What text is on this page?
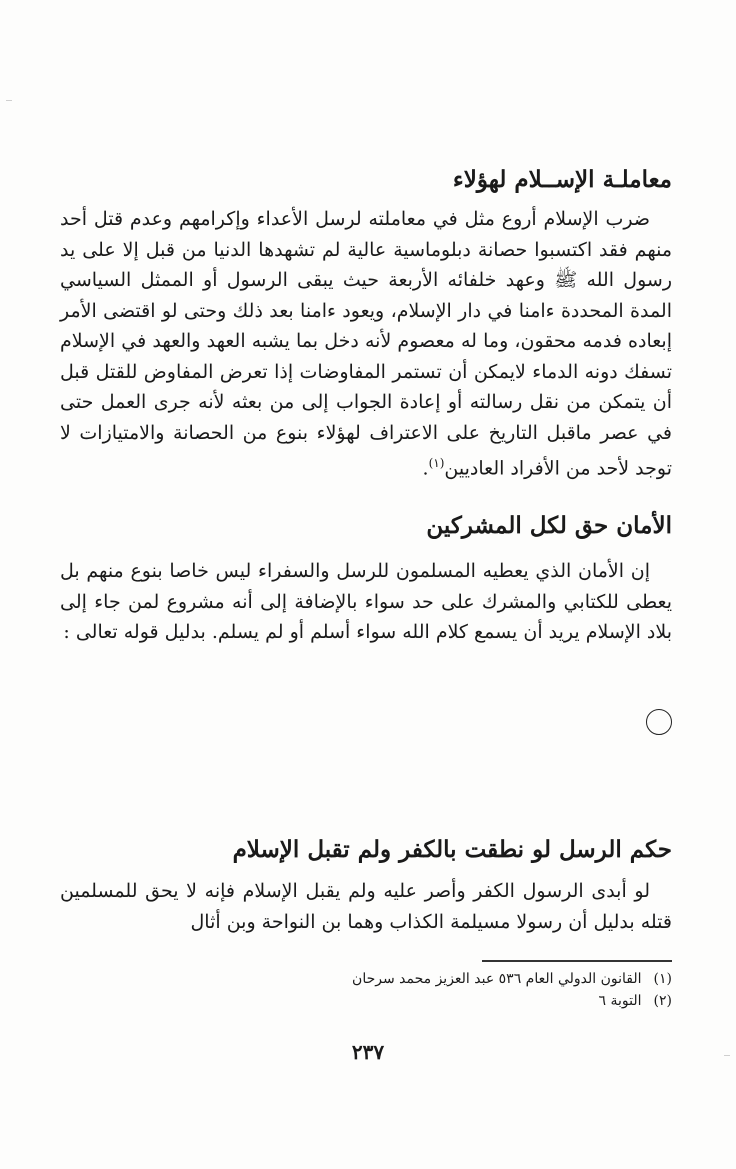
معاملـة الإســلام لهؤلاء

ضرب الإسلام أروع مثل في معاملته لرسل الأعداء وإكرامهم وعدم قتل أحد منهم فقد اكتسبوا حصانة دبلوماسية عالية لم تشهدها الدنيا من قبل إلا على يد رسول الله ﷺ وعهد خلفائه الأربعة حيث يبقى الرسول أو الممثل السياسي المدة المحددة ءامنا في دار الإسلام، ويعود ءامنا بعد ذلك وحتى لو اقتضى الأمر إبعاده فدمه محقون، وما له معصوم لأنه دخل بما يشبه العهد والعهد في الإسلام تسفك دونه الدماء لايمكن أن تستمر المفاوضات إذا تعرض المفاوض للقتل قبل أن يتمكن من نقل رسالته أو إعادة الجواب إلى من بعثه لأنه جرى العمل حتى في عصر ماقبل التاريخ على الاعتراف لهؤلاء بنوع من الحصانة والامتيازات لا توجد لأحد من الأفراد العاديين$^{(١)}$.

الأمان حق لكل المشركين

إن الأمان الذي يعطيه المسلمون للرسل والسفراء ليس خاصا بنوع منهم بل يعطى للكتابي والمشرك على حد سواء بالإضافة إلى أنه مشروع لمن جاء إلى بلاد الإسلام يريد أن يسمع كلام الله سواء أسلم أو لم يسلم. بدليل قوله تعالى :

حكم الرسل لو نطقت بالكفر ولم تقبل الإسلام

لو أبدى الرسول الكفر وأصر عليه ولم يقبل الإسلام فإنه لا يحق للمسلمين قتله بدليل أن رسولا مسيلمة الكذاب وهما بن النواحة وبن أثال

(١)القانون الدولي العام ٥٣٦ عبد العزيز محمد سرحان

(٢)التوبة ٦

٢٣٧
